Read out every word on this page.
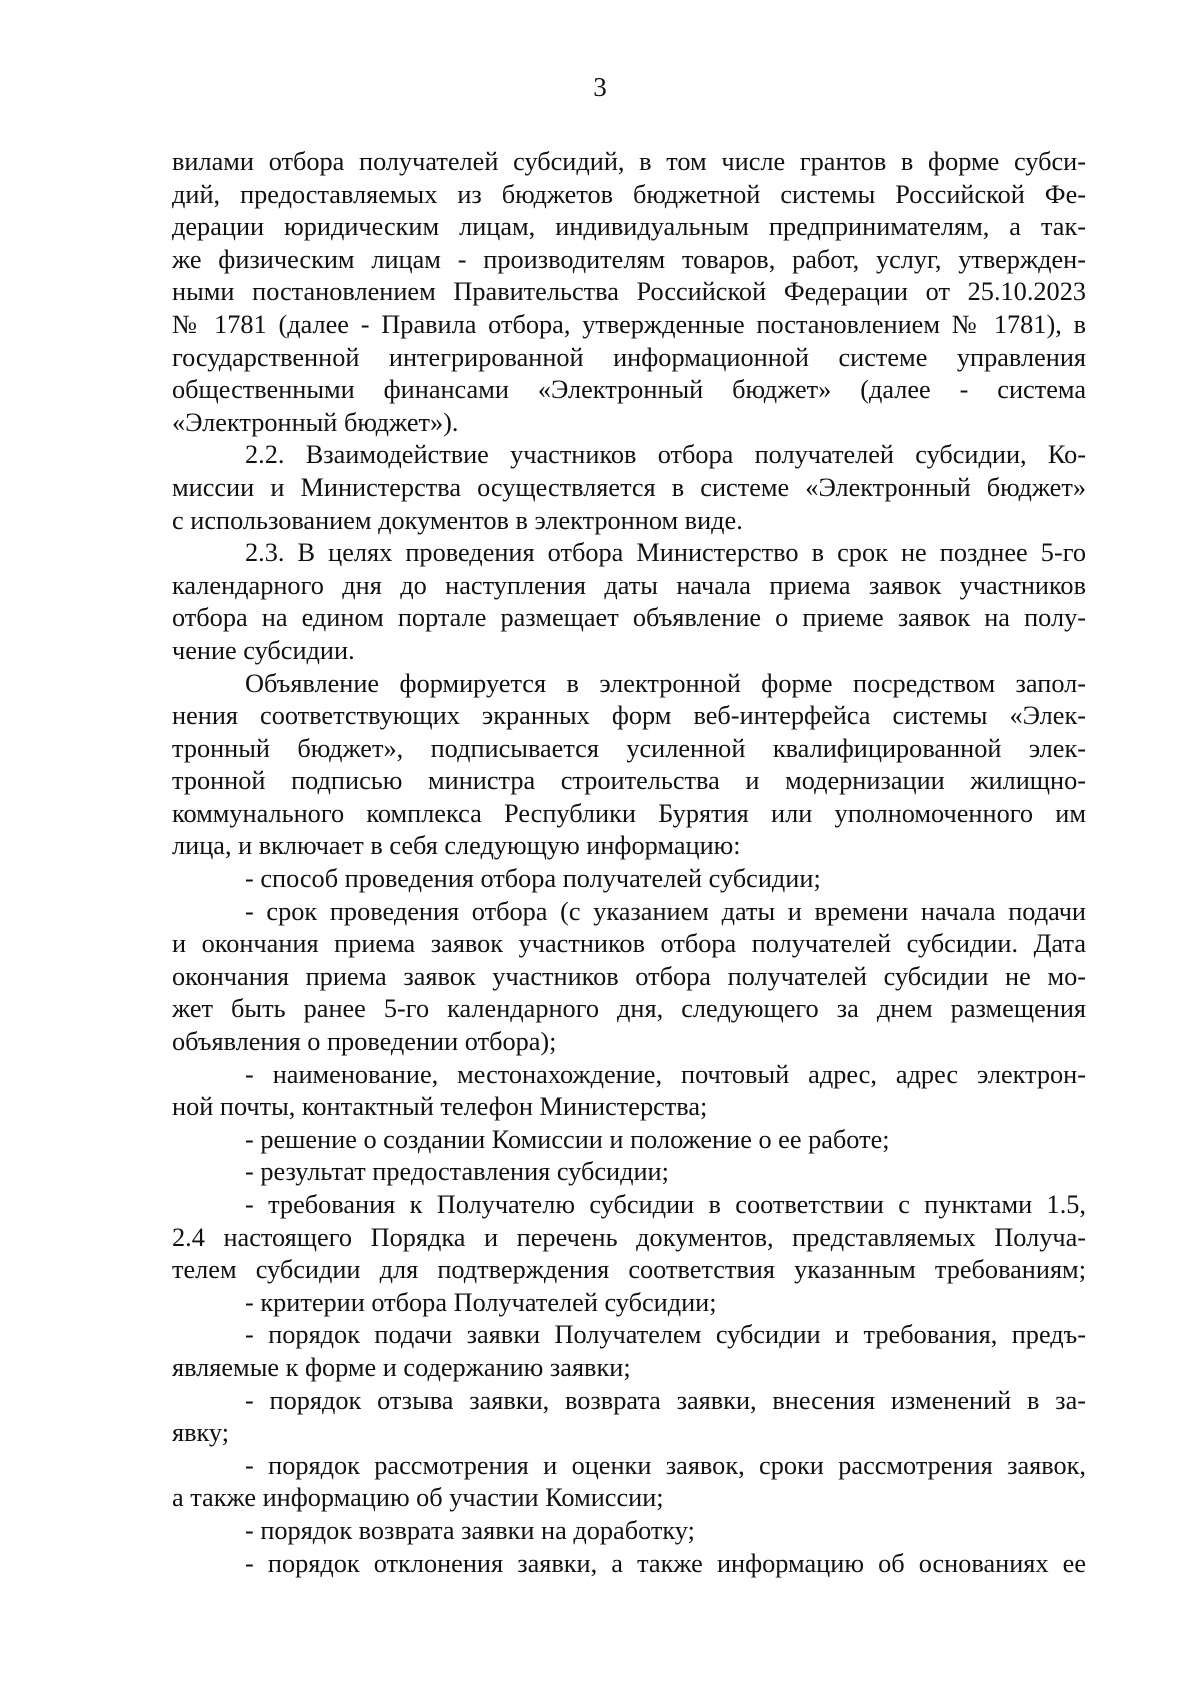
3
вилами отбора получателей субсидий, в том числе грантов в форме субси-
дий, предоставляемых из бюджетов бюджетной системы Российской Фе-
дерации юридическим лицам, индивидуальным предпринимателям, а так-
же физическим лицам - производителям товаров, работ, услуг, утвержден-
ными постановлением Правительства Российской Федерации от 25.10.2023
№ 1781 (далее - Правила отбора, утвержденные постановлением № 1781), в
государственной интегрированной информационной системе управления
общественными финансами «Электронный бюджет» (далее - система
«Электронный бюджет»).
2.2. Взаимодействие участников отбора получателей субсидии, Ко-
миссии и Министерства осуществляется в системе «Электронный бюджет»
с использованием документов в электронном виде.
2.3. В целях проведения отбора Министерство в срок не позднее 5-го
календарного дня до наступления даты начала приема заявок участников
отбора на едином портале размещает объявление о приеме заявок на полу-
чение субсидии.
Объявление формируется в электронной форме посредством запол-
нения соответствующих экранных форм веб-интерфейса системы «Элек-
тронный бюджет», подписывается усиленной квалифицированной элек-
тронной подписью министра строительства и модернизации жилищно-
коммунального комплекса Республики Бурятия или уполномоченного им
лица, и включает в себя следующую информацию:
- способ проведения отбора получателей субсидии;
- срок проведения отбора (с указанием даты и времени начала подачи
и окончания приема заявок участников отбора получателей субсидии. Дата
окончания приема заявок участников отбора получателей субсидии не мо-
жет быть ранее 5-го календарного дня, следующего за днем размещения
объявления о проведении отбора);
- наименование, местонахождение, почтовый адрес, адрес электрон-
ной почты, контактный телефон Министерства;
- решение о создании Комиссии и положение о ее работе;
- результат предоставления субсидии;
- требования к Получателю субсидии в соответствии с пунктами 1.5,
2.4 настоящего Порядка и перечень документов, представляемых Получа-
телем субсидии для подтверждения соответствия указанным требованиям;
- критерии отбора Получателей субсидии;
- порядок подачи заявки Получателем субсидии и требования, предъ-
являемые к форме и содержанию заявки;
- порядок отзыва заявки, возврата заявки, внесения изменений в за-
явку;
- порядок рассмотрения и оценки заявок, сроки рассмотрения заявок,
а также информацию об участии Комиссии;
- порядок возврата заявки на доработку;
- порядок отклонения заявки, а также информацию об основаниях ее
